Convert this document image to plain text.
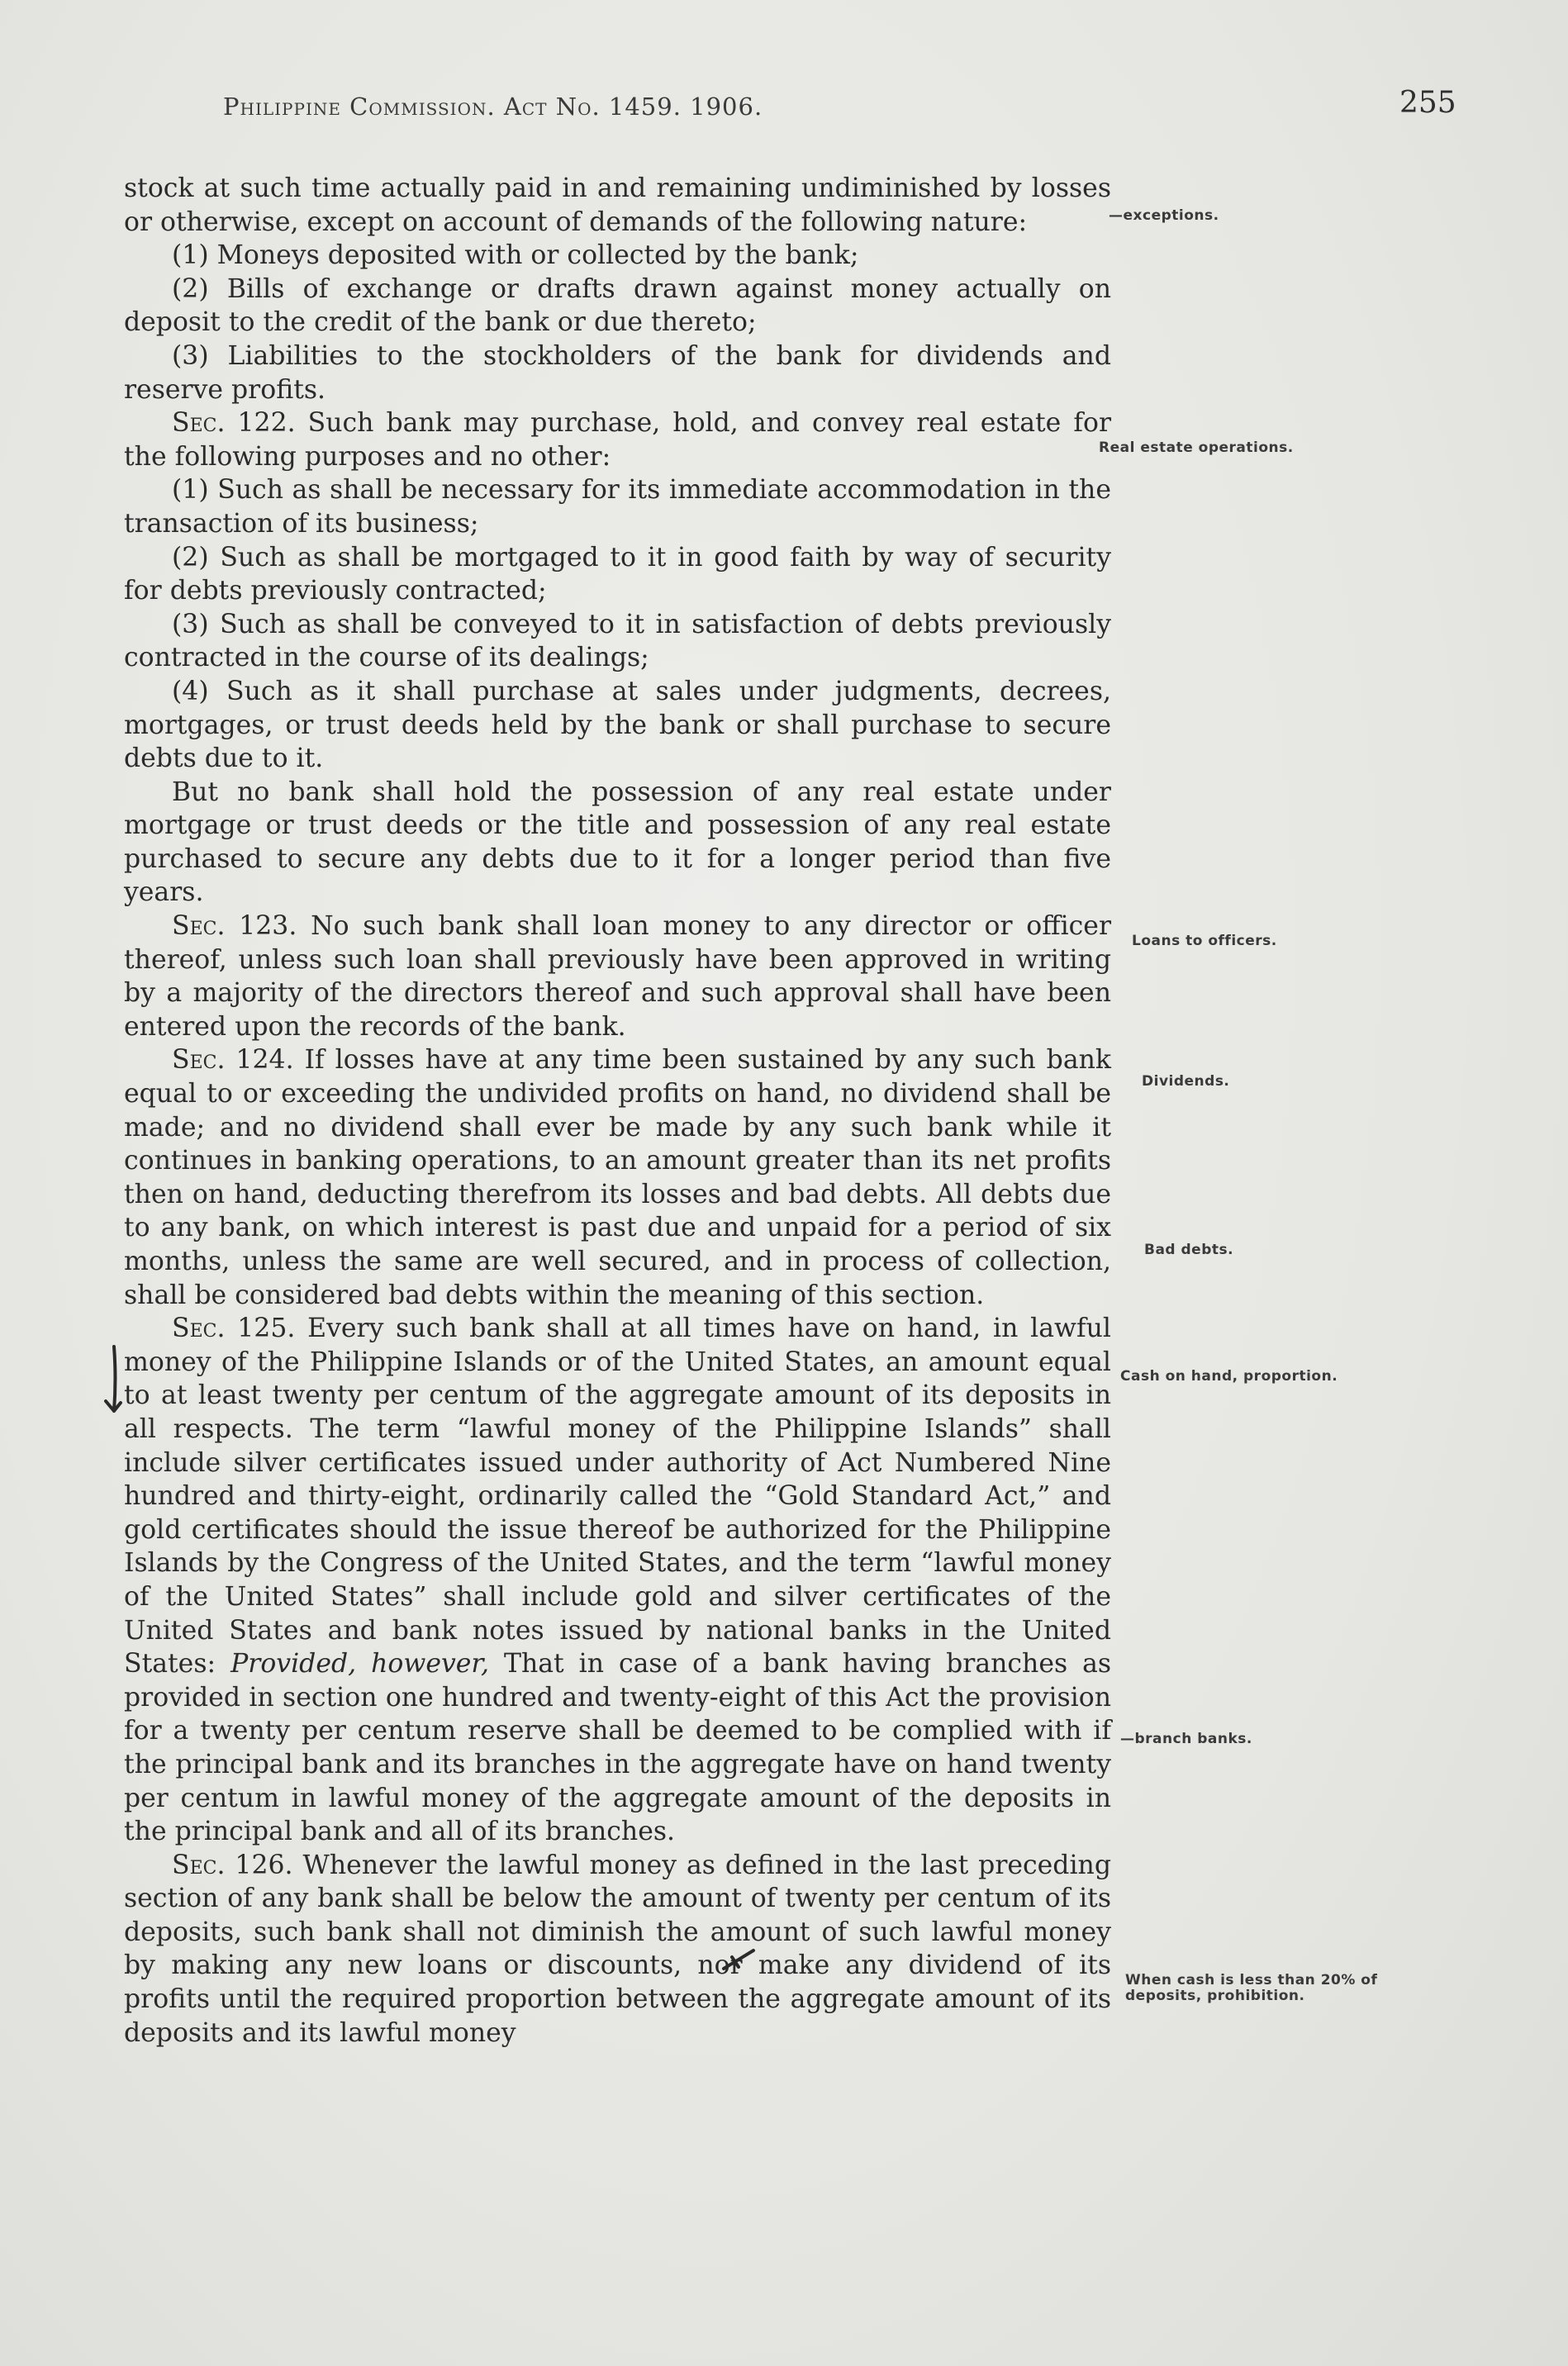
Philippine Commission. Act No. 1459. 1906.	255

stock at such time actually paid in and remaining undiminished by losses or otherwise, except on account of demands of the following nature:

(1) Moneys deposited with or collected by the bank;

(2) Bills of exchange or drafts drawn against money actually on deposit to the credit of the bank or due thereto;

(3) Liabilities to the stockholders of the bank for dividends and reserve profits.

Sec. 122. Such bank may purchase, hold, and convey real estate for the following purposes and no other:

(1) Such as shall be necessary for its immediate accommodation in the transaction of its business;

(2) Such as shall be mortgaged to it in good faith by way of security for debts previously contracted;

(3) Such as shall be conveyed to it in satisfaction of debts previously contracted in the course of its dealings;

(4) Such as it shall purchase at sales under judgments, decrees, mortgages, or trust deeds held by the bank or shall purchase to secure debts due to it.

But no bank shall hold the possession of any real estate under mortgage or trust deeds or the title and possession of any real estate purchased to secure any debts due to it for a longer period than five years.

Sec. 123. No such bank shall loan money to any director or officer thereof, unless such loan shall previously have been approved in writing by a majority of the directors thereof and such approval shall have been entered upon the records of the bank.

Sec. 124. If losses have at any time been sustained by any such bank equal to or exceeding the undivided profits on hand, no dividend shall be made; and no dividend shall ever be made by any such bank while it continues in banking operations, to an amount greater than its net profits then on hand, deducting therefrom its losses and bad debts. All debts due to any bank, on which interest is past due and unpaid for a period of six months, unless the same are well secured, and in process of collection, shall be considered bad debts within the meaning of this section.

Sec. 125. Every such bank shall at all times have on hand, in lawful money of the Philippine Islands or of the United States, an amount equal to at least twenty per centum of the aggregate amount of its deposits in all respects. The term “lawful money of the Philippine Islands” shall include silver certificates issued under authority of Act Numbered Nine hundred and thirty-eight, ordinarily called the “Gold Standard Act,” and gold certificates should the issue thereof be authorized for the Philippine Islands by the Congress of the United States, and the term “lawful money of the United States” shall include gold and silver certificates of the United States and bank notes issued by national banks in the United States: Provided, however, That in case of a bank having branches as provided in section one hundred and twenty-eight of this Act the provision for a twenty per centum reserve shall be deemed to be complied with if the principal bank and its branches in the aggregate have on hand twenty per centum in lawful money of the aggregate amount of the deposits in the principal bank and all of its branches.

Sec. 126. Whenever the lawful money as defined in the last preceding section of any bank shall be below the amount of twenty per centum of its deposits, such bank shall not diminish the amount of such lawful money by making any new loans or discounts, nor make any dividend of its profits until the required proportion between the aggregate amount of its deposits and its lawful money

—exceptions.
Real estate operations.
Loans to officers.
Dividends.
Bad debts.
Cash on hand, proportion.
—branch banks.
When cash is less than 20% of deposits, prohibition.
